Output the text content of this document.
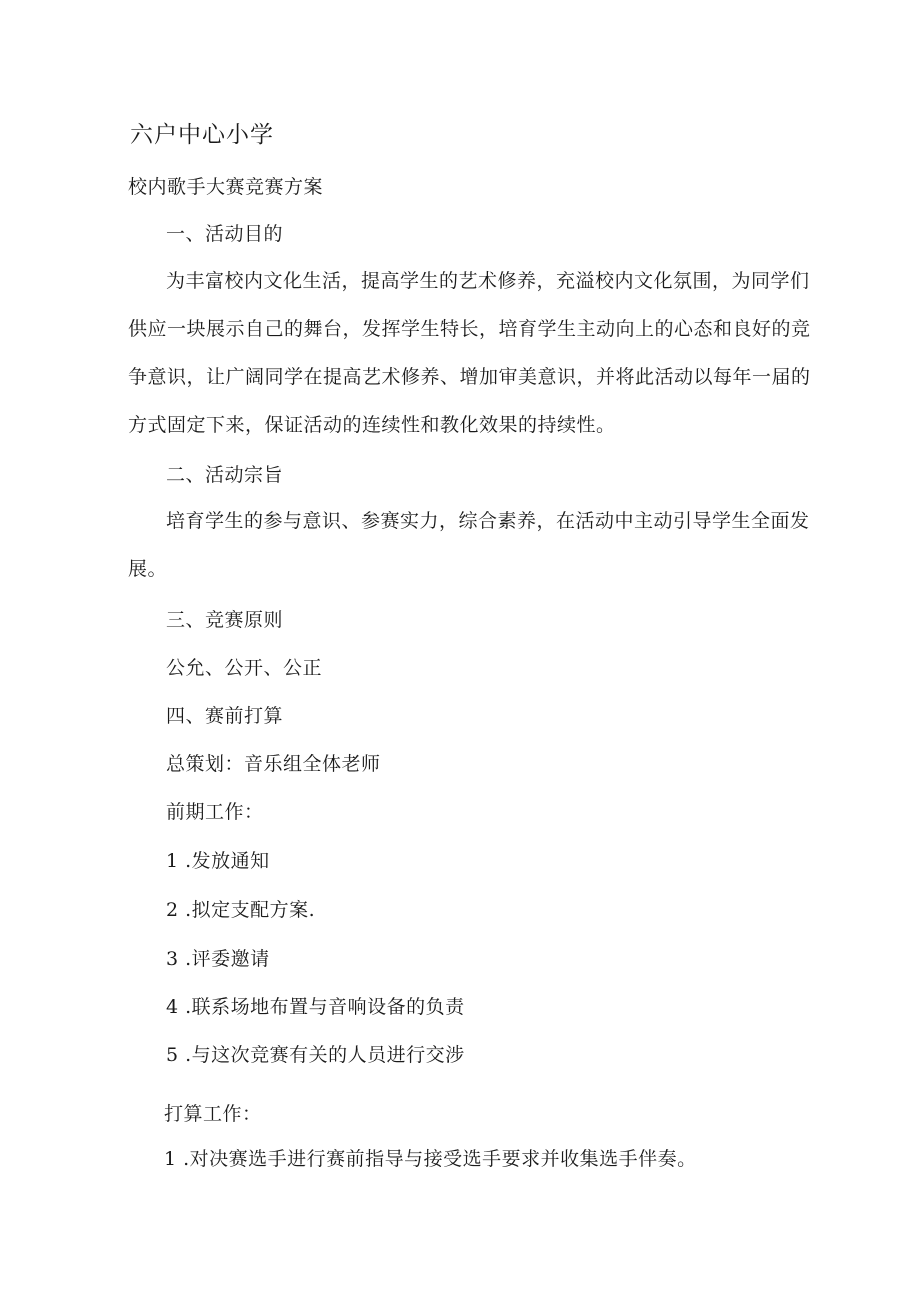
六户中心小学
校内歌手大赛竞赛方案
一、活动目的
为丰富校内文化生活，提高学生的艺术修养，充溢校内文化氛围，为同学们
供应一块展示自己的舞台，发挥学生特长，培育学生主动向上的心态和良好的竞
争意识，让广阔同学在提高艺术修养、增加审美意识，并将此活动以每年一届的
方式固定下来，保证活动的连续性和教化效果的持续性。
二、活动宗旨
培育学生的参与意识、参赛实力，综合素养，在活动中主动引导学生全面发
展。
三、竞赛原则
公允、公开、公正
四、赛前打算
总策划：音乐组全体老师
前期工作：
1 .发放通知
2 .拟定支配方案.
3 .评委邀请
4 .联系场地布置与音响设备的负责
5 .与这次竞赛有关的人员进行交涉
打算工作：
1 .对决赛选手进行赛前指导与接受选手要求并收集选手伴奏。
